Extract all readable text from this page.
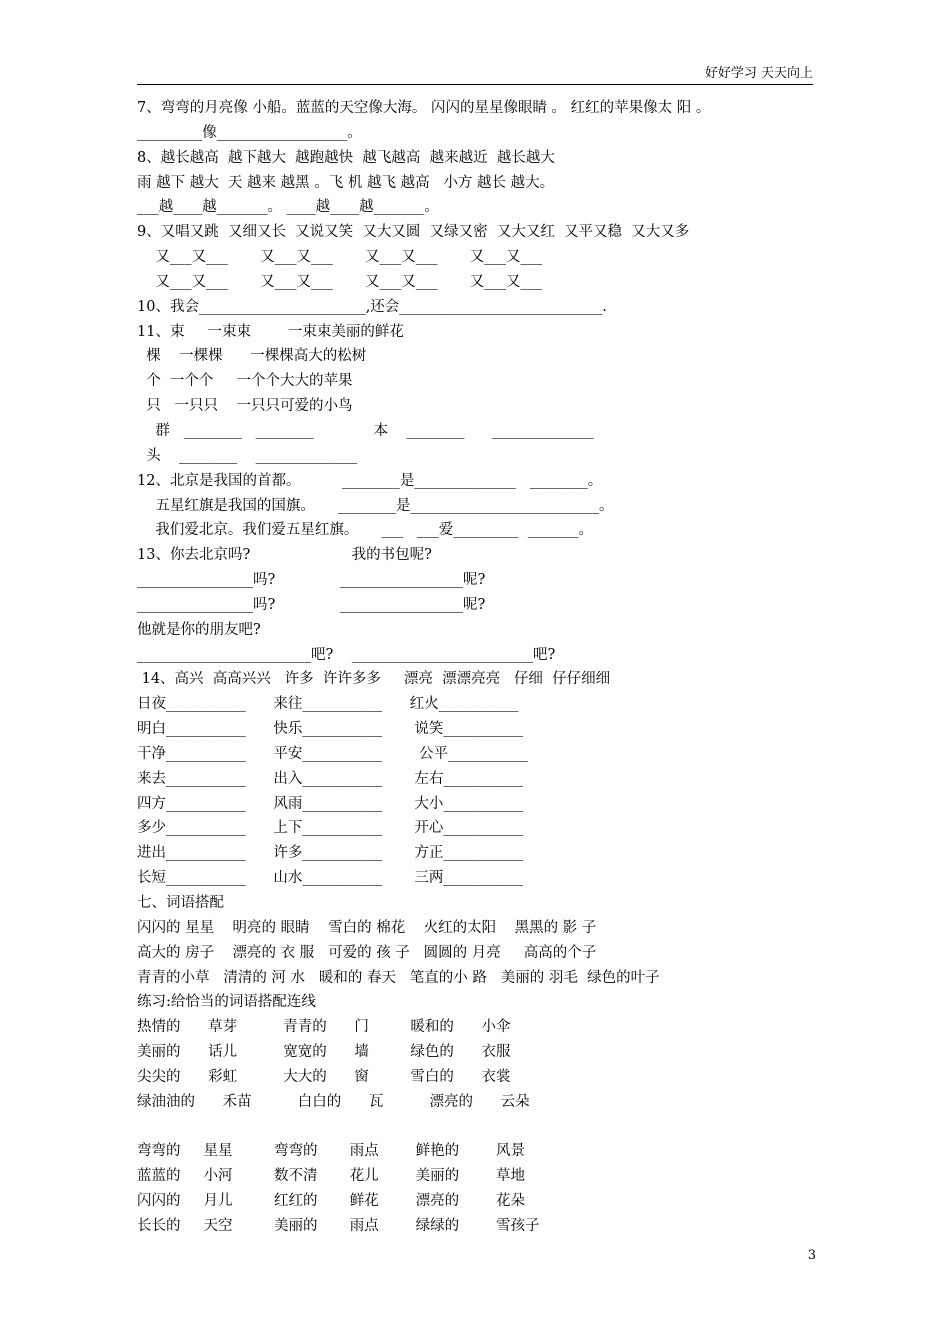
好好学习 天天向上
7、弯弯的月亮像 小船。蓝蓝的天空像大海。 闪闪的星星像眼睛 。 红红的苹果像太 阳 。
_________像__________________。
8、越长越高  越下越大  越跑越快  越飞越高  越来越近  越长越大
雨 越下 越大  天 越来 越黑 。飞 机 越飞 越高   小方 越长 越大。
___越____越_______。 ____越____越_______。
9、又唱又跳  又细又长  又说又笑  又大又圆  又绿又密  又大又红  又平又稳  又大又多
又___又___       又___又___       又___又___       又___又___
又___又___       又___又___       又___又___       又___又___
10、我会_______________________,还会____________________________.
11、束     一束束        一束束美丽的鲜花
棵    一棵棵      一棵棵高大的松树
个  一个个     一个个大大的苹果
只   一只只    一只只可爱的小鸟
群   ________   ________             本    ________      ______________
头    ________    ______________
12、北京是我国的首都。         ________是______________   ________。
五星红旗是我国的国旗。     ________是__________________________。
我们爱北京。我们爱五星红旗。     ___   ___爱_________  _______。
13、你去北京吗?                      我的书包呢?
________________吗?              _________________呢?
________________吗?              _________________呢?
他就是你的朋友吧?
________________________吧?    _________________________吧?
14、高兴  高高兴兴   许多  许许多多     漂亮  漂漂亮亮   仔细  仔仔细细
日夜___________      来往___________      红火___________
明白___________      快乐___________       说笑___________
干净___________      平安___________        公平___________
来去___________      出入___________       左右___________
四方___________      风雨___________       大小___________
多少___________      上下___________       开心___________
进出___________      许多___________       方正___________
长短___________      山水___________       三两___________
七、词语搭配
闪闪的 星星    明亮的 眼睛    雪白的 棉花    火红的太阳    黑黑的 影 子
高大的 房子    漂亮的 衣 服   可爱的 孩 子   圆圆的 月亮     高高的个子
青青的小草   清清的 河 水   暖和的 春天   笔直的小 路   美丽的 羽毛  绿色的叶子
练习:给恰当的词语搭配连线
热情的      草芽          青青的      门         暖和的      小伞
美丽的      话儿          宽宽的      墙         绿色的      衣服
尖尖的      彩虹          大大的      窗         雪白的      衣裳
绿油油的      禾苗          白白的      瓦          漂亮的      云朵
弯弯的     星星         弯弯的       雨点        鲜艳的        风景
蓝蓝的     小河         数不清       花儿        美丽的        草地
闪闪的     月儿         红红的       鲜花        漂亮的        花朵
长长的     天空         美丽的       雨点        绿绿的        雪孩子
3
